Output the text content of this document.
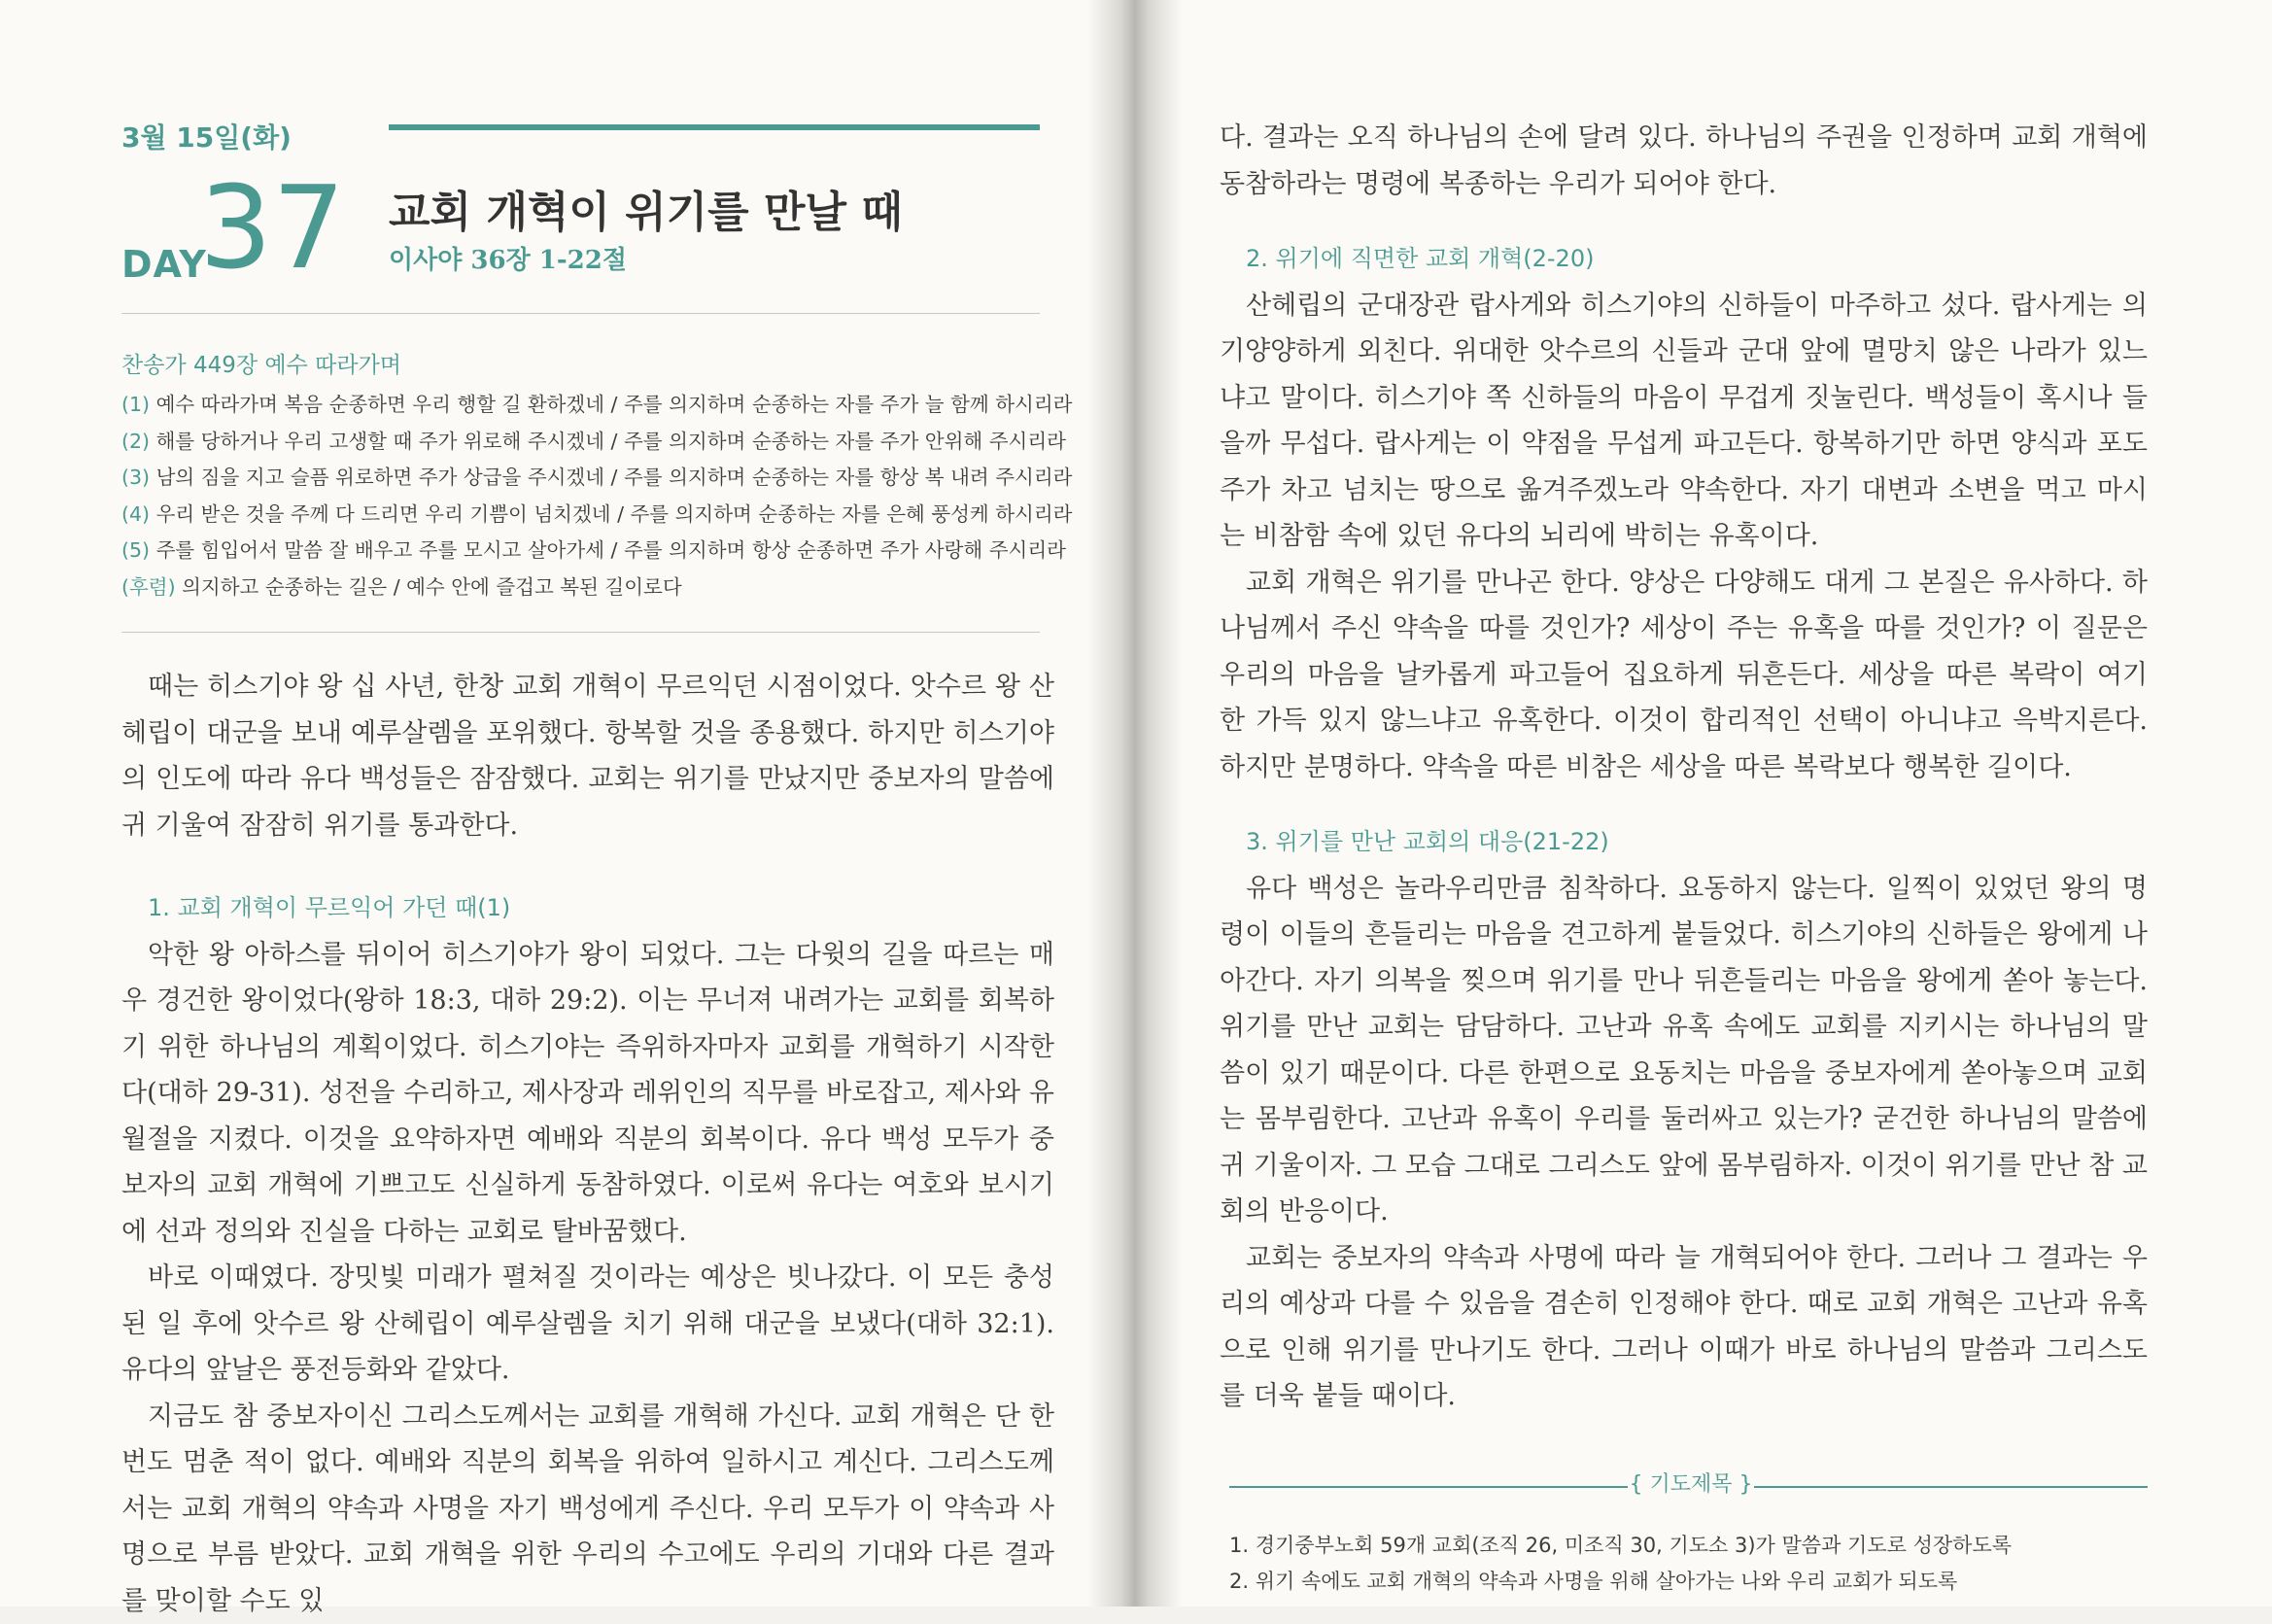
3월 15일(화)
DAY
37 교회 개혁이 위기를 만날 때
이사야 36장 1-22절
찬송가 449장 예수 따라가며
(1) 예수 따라가며 복음 순종하면 우리 행할 길 환하겠네 / 주를 의지하며 순종하는 자를 주가 늘 함께 하시리라
(2) 해를 당하거나 우리 고생할 때 주가 위로해 주시겠네 / 주를 의지하며 순종하는 자를 주가 안위해 주시리라
(3) 남의 짐을 지고 슬픔 위로하면 주가 상급을 주시겠네 / 주를 의지하며 순종하는 자를 항상 복 내려 주시리라
(4) 우리 받은 것을 주께 다 드리면 우리 기쁨이 넘치겠네 / 주를 의지하며 순종하는 자를 은혜 풍성케 하시리라
(5) 주를 힘입어서 말씀 잘 배우고 주를 모시고 살아가세 / 주를 의지하며 항상 순종하면 주가 사랑해 주시리라
(후렴) 의지하고 순종하는 길은 / 예수 안에 즐겁고 복된 길이로다

때는 히스기야 왕 십 사년, 한창 교회 개혁이 무르익던 시점이었다. 앗수르 왕 산헤립이 대군을 보내 예루살렘을 포위했다. 항복할 것을 종용했다. 하지만 히스기야의 인도에 따라 유다 백성들은 잠잠했다. 교회는 위기를 만났지만 중보자의 말씀에 귀 기울여 잠잠히 위기를 통과한다.

1. 교회 개혁이 무르익어 가던 때(1)

악한 왕 아하스를 뒤이어 히스기야가 왕이 되었다. 그는 다윗의 길을 따르는 매우 경건한 왕이었다(왕하 18:3, 대하 29:2). 이는 무너져 내려가는 교회를 회복하기 위한 하나님의 계획이었다. 히스기야는 즉위하자마자 교회를 개혁하기 시작한다(대하 29-31). 성전을 수리하고, 제사장과 레위인의 직무를 바로잡고, 제사와 유월절을 지켰다. 이것을 요약하자면 예배와 직분의 회복이다. 유다 백성 모두가 중보자의 교회 개혁에 기쁘고도 신실하게 동참하였다. 이로써 유다는 여호와 보시기에 선과 정의와 진실을 다하는 교회로 탈바꿈했다.

바로 이때였다. 장밋빛 미래가 펼쳐질 것이라는 예상은 빗나갔다. 이 모든 충성된 일 후에 앗수르 왕 산헤립이 예루살렘을 치기 위해 대군을 보냈다(대하 32:1). 유다의 앞날은 풍전등화와 같았다.

지금도 참 중보자이신 그리스도께서는 교회를 개혁해 가신다. 교회 개혁은 단 한 번도 멈춘 적이 없다. 예배와 직분의 회복을 위하여 일하시고 계신다. 그리스도께서는 교회 개혁의 약속과 사명을 자기 백성에게 주신다. 우리 모두가 이 약속과 사명으로 부름 받았다. 교회 개혁을 위한 우리의 수고에도 우리의 기대와 다른 결과를 맞이할 수도 있

다. 결과는 오직 하나님의 손에 달려 있다. 하나님의 주권을 인정하며 교회 개혁에 동참하라는 명령에 복종하는 우리가 되어야 한다.

2. 위기에 직면한 교회 개혁(2-20)

산헤립의 군대장관 랍사게와 히스기야의 신하들이 마주하고 섰다. 랍사게는 의기양양하게 외친다. 위대한 앗수르의 신들과 군대 앞에 멸망치 않은 나라가 있느냐고 말이다. 히스기야 쪽 신하들의 마음이 무겁게 짓눌린다. 백성들이 혹시나 들을까 무섭다. 랍사게는 이 약점을 무섭게 파고든다. 항복하기만 하면 양식과 포도주가 차고 넘치는 땅으로 옮겨주겠노라 약속한다. 자기 대변과 소변을 먹고 마시는 비참함 속에 있던 유다의 뇌리에 박히는 유혹이다.

교회 개혁은 위기를 만나곤 한다. 양상은 다양해도 대게 그 본질은 유사하다. 하나님께서 주신 약속을 따를 것인가? 세상이 주는 유혹을 따를 것인가? 이 질문은 우리의 마음을 날카롭게 파고들어 집요하게 뒤흔든다. 세상을 따른 복락이 여기 한 가득 있지 않느냐고 유혹한다. 이것이 합리적인 선택이 아니냐고 윽박지른다. 하지만 분명하다. 약속을 따른 비참은 세상을 따른 복락보다 행복한 길이다.

3. 위기를 만난 교회의 대응(21-22)

유다 백성은 놀라우리만큼 침착하다. 요동하지 않는다. 일찍이 있었던 왕의 명령이 이들의 흔들리는 마음을 견고하게 붙들었다. 히스기야의 신하들은 왕에게 나아간다. 자기 의복을 찢으며 위기를 만나 뒤흔들리는 마음을 왕에게 쏟아 놓는다. 위기를 만난 교회는 담담하다. 고난과 유혹 속에도 교회를 지키시는 하나님의 말씀이 있기 때문이다. 다른 한편으로 요동치는 마음을 중보자에게 쏟아놓으며 교회는 몸부림한다. 고난과 유혹이 우리를 둘러싸고 있는가? 굳건한 하나님의 말씀에 귀 기울이자. 그 모습 그대로 그리스도 앞에 몸부림하자. 이것이 위기를 만난 참 교회의 반응이다.

교회는 중보자의 약속과 사명에 따라 늘 개혁되어야 한다. 그러나 그 결과는 우리의 예상과 다를 수 있음을 겸손히 인정해야 한다. 때로 교회 개혁은 고난과 유혹으로 인해 위기를 만나기도 한다. 그러나 이때가 바로 하나님의 말씀과 그리스도를 더욱 붙들 때이다.

{ 기도제목 }
1. 경기중부노회 59개 교회(조직 26, 미조직 30, 기도소 3)가 말씀과 기도로 성장하도록
2. 위기 속에도 교회 개혁의 약속과 사명을 위해 살아가는 나와 우리 교회가 되도록
